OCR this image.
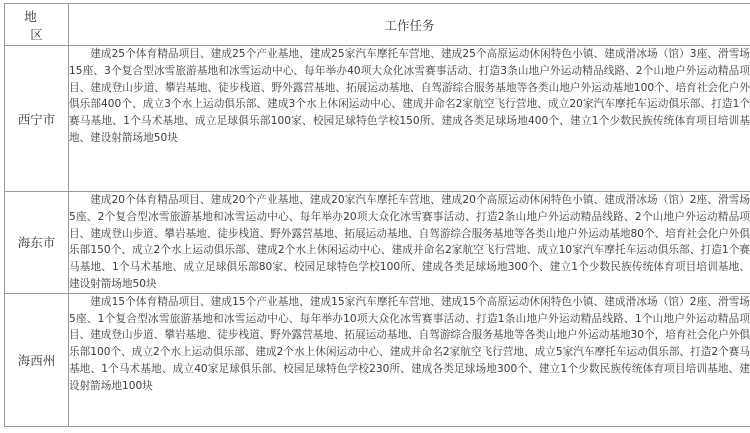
地 区	工作任务
西宁市	建成25个体育精品项目、建成25个产业基地、建成25家汽车摩托车营地、建成25个高原运动休闲特色小镇、建成滑冰场（馆）3座、滑雪场15座、3个复合型冰雪旅游基地和冰雪运动中心、每年举办40项大众化冰雪赛事活动、打造3条山地户外运动精品线路、2个山地户外运动精品项目、建成登山步道、攀岩基地、徒步栈道、野外露营基地、拓展运动基地、自驾游综合服务基地等各类山地户外运动基地100个、培育社会化户外俱乐部400个、成立3个水上运动俱乐部、建成3个水上休闲运动中心、建成并命名2家航空飞行营地、成立20家汽车摩托车运动俱乐部、打造1个赛马基地、1个马术基地、成立足球俱乐部100家、校园足球特色学校150所、建成各类足球场地400个、建立1个少数民族传统体育项目培训基地、建设射箭场地50块

海东市	建成20个体育精品项目、建成20个产业基地、建成20家汽车摩托车营地、建成20个高原运动休闲特色小镇、建成滑冰场（馆）2座、滑雪场5座、2个复合型冰雪旅游基地和冰雪运动中心、每年举办20项大众化冰雪赛事活动、打造2条山地户外运动精品线路、2个山地户外运动精品项目、建成登山步道、攀岩基地、徒步栈道、野外露营基地、拓展运动基地、自驾游综合服务基地等各类山地户外运动基地80个、培育社会化户外俱乐部150个、成立2个水上运动俱乐部、建成2个水上休闲运动中心、建成并命名2家航空飞行营地、成立10家汽车摩托车运动俱乐部、打造1个赛马基地、1个马术基地、成立足球俱乐部80家、校园足球特色学校100所、建成各类足球场地300个、建立1个少数民族传统体育项目培训基地、建设射箭场地50块

海西州	建成15个体育精品项目、建成15个产业基地、建成15家汽车摩托车营地、建成15个高原运动休闲特色小镇、建成滑冰场（馆）2座、滑雪场5座、1个复合型冰雪旅游基地和冰雪运动中心、每年举办10项大众化冰雪赛事活动、打造1条山地户外运动精品线路、1个山地户外运动精品项目、建成登山步道、攀岩基地、徒步栈道、野外露营基地、拓展运动基地、自驾游综合服务基地等各类山地户外运动基地30个，培育社会化户外俱乐部100个、成立2个水上运动俱乐部、建成2个水上休闲运动中心、建成并命名2家航空飞行营地、成立5家汽车摩托车运动俱乐部、打造2个赛马基地、1个马术基地、成立40家足球俱乐部、校园足球特色学校230所、建成各类足球场地300个、建立1个少数民族传统体育项目培训基地、建设射箭场地100块
